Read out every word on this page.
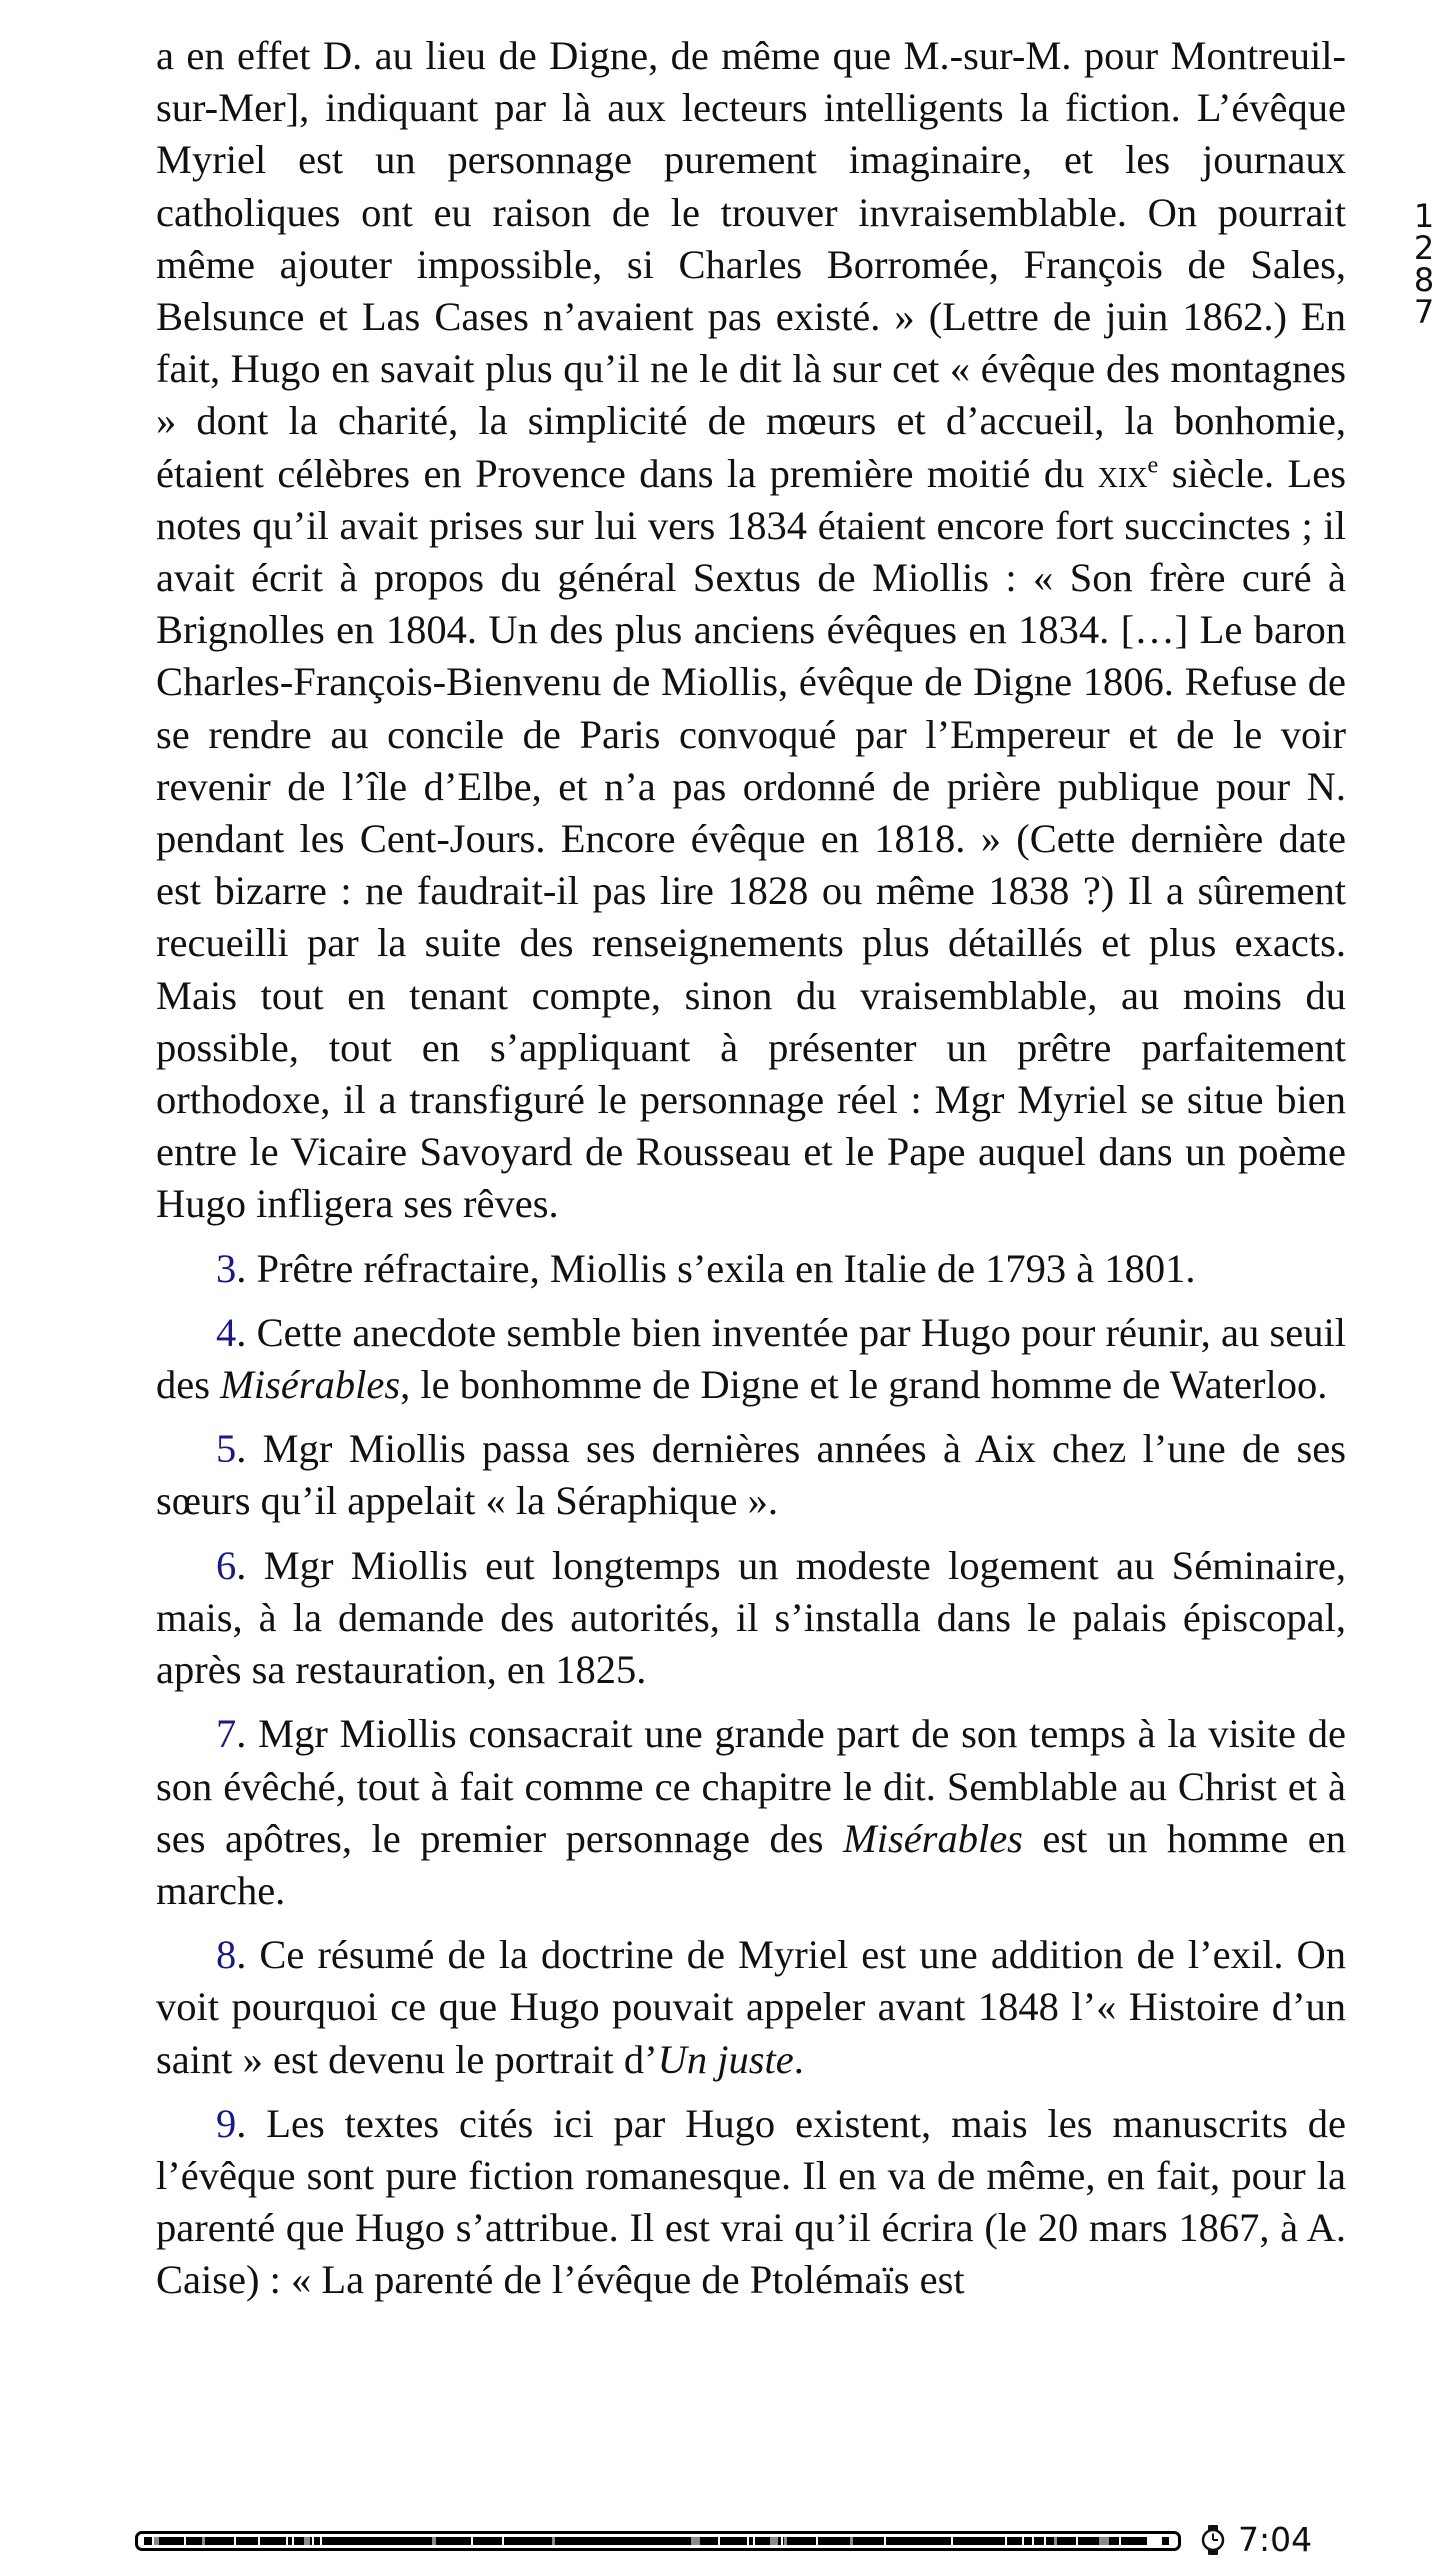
1
2
8
7

a en effet D. au lieu de Digne, de même que M.-sur-M. pour Montreuil-sur-Mer], indiquant par là aux lecteurs intelligents la fiction. L’évêque Myriel est un personnage purement imaginaire, et les journaux catholiques ont eu raison de le trouver invraisemblable. On pourrait même ajouter impossible, si Charles Borromée, François de Sales, Belsunce et Las Cases n’avaient pas existé. » (Lettre de juin 1862.) En fait, Hugo en savait plus qu’il ne le dit là sur cet « évêque des montagnes » dont la charité, la simplicité de mœurs et d’accueil, la bonhomie, étaient célèbres en Provence dans la première moitié du xix$^e$ siècle. Les notes qu’il avait prises sur lui vers 1834 étaient encore fort succinctes ; il avait écrit à propos du général Sextus de Miollis : « Son frère curé à Brignolles en 1804. Un des plus anciens évêques en 1834. […] Le baron Charles-François-Bienvenu de Miollis, évêque de Digne 1806. Refuse de se rendre au concile de Paris convoqué par l’Empereur et de le voir revenir de l’île d’Elbe, et n’a pas ordonné de prière publique pour N. pendant les Cent-Jours. Encore évêque en 1818. » (Cette dernière date est bizarre : ne faudrait-il pas lire 1828 ou même 1838 ?) Il a sûrement recueilli par la suite des renseignements plus détaillés et plus exacts. Mais tout en tenant compte, sinon du vraisemblable, au moins du possible, tout en s’appliquant à présenter un prêtre parfaitement orthodoxe, il a transfiguré le personnage réel : Mgr Myriel se situe bien entre le Vicaire Savoyard de Rousseau et le Pape auquel dans un poème Hugo infligera ses rêves.

3. Prêtre réfractaire, Miollis s’exila en Italie de 1793 à 1801.

4. Cette anecdote semble bien inventée par Hugo pour réunir, au seuil des Misérables, le bonhomme de Digne et le grand homme de Waterloo.

5. Mgr Miollis passa ses dernières années à Aix chez l’une de ses sœurs qu’il appelait « la Séraphique ».

6. Mgr Miollis eut longtemps un modeste logement au Séminaire, mais, à la demande des autorités, il s’installa dans le palais épiscopal, après sa restauration, en 1825.

7. Mgr Miollis consacrait une grande part de son temps à la visite de son évêché, tout à fait comme ce chapitre le dit. Semblable au Christ et à ses apôtres, le premier personnage des Misérables est un homme en marche.

8. Ce résumé de la doctrine de Myriel est une addition de l’exil. On voit pourquoi ce que Hugo pouvait appeler avant 1848 l’« Histoire d’un saint » est devenu le portrait d’Un juste.

9. Les textes cités ici par Hugo existent, mais les manuscrits de l’évêque sont pure fiction romanesque. Il en va de même, en fait, pour la parenté que Hugo s’attribue. Il est vrai qu’il écrira (le 20 mars 1867, à A. Caise) : « La parenté de l’évêque de Ptolémaïs est

7:04
